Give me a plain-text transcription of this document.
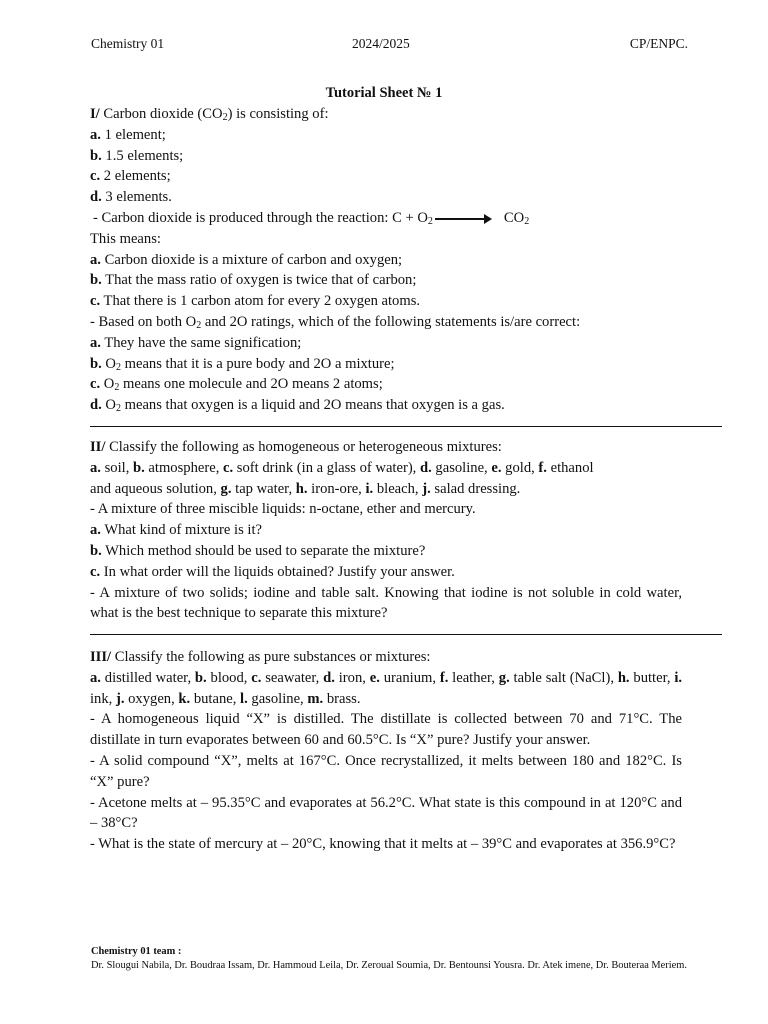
Chemistry 01	2024/2025	CP/ENPC.
Tutorial Sheet № 1
I/ Carbon dioxide $(CO_2)$ is consisting of:
a. 1 element;
b. 1.5 elements;
c. 2 elements;
d. 3 elements.
- Carbon dioxide is produced through the reaction: $C + O_2 \to CO_2$
This means:
a. Carbon dioxide is a mixture of carbon and oxygen;
b. That the mass ratio of oxygen is twice that of carbon;
c. That there is 1 carbon atom for every 2 oxygen atoms.
- Based on both $O_2$ and 2O ratings, which of the following statements is/are correct:
a. They have the same signification;
b. $O_2$ means that it is a pure body and 2O a mixture;
c. $O_2$ means one molecule and 2O means 2 atoms;
d. $O_2$ means that oxygen is a liquid and 2O means that oxygen is a gas.
II/ Classify the following as homogeneous or heterogeneous mixtures:
a. soil, b. atmosphere, c. soft drink (in a glass of water), d. gasoline, e. gold, f. ethanol
and aqueous solution, g. tap water, h. iron-ore, i. bleach, j. salad dressing.
- A mixture of three miscible liquids: n-octane, ether and mercury.
a. What kind of mixture is it?
b. Which method should be used to separate the mixture?
c. In what order will the liquids obtained? Justify your answer.
- A mixture of two solids; iodine and table salt. Knowing that iodine is not soluble in cold water, what is the best technique to separate this mixture?
III/ Classify the following as pure substances or mixtures:
a. distilled water, b. blood, c. seawater, d. iron, e. uranium, f. leather, g. table salt (NaCl), h. butter, i. ink, j. oxygen, k. butane, l. gasoline, m. brass.
- A homogeneous liquid “X” is distilled. The distillate is collected between 70 and 71°C. The distillate in turn evaporates between 60 and 60.5°C. Is “X” pure? Justify your answer.
- A solid compound “X”, melts at 167°C. Once recrystallized, it melts between 180 and 182°C. Is “X” pure?
- Acetone melts at – 95.35°C and evaporates at 56.2°C. What state is this compound in at 120°C and – 38°C?
- What is the state of mercury at – 20°C, knowing that it melts at – 39°C and evaporates at 356.9°C?
Chemistry 01 team :
Dr. Slougui Nabila, Dr. Boudraa Issam, Dr. Hammoud Leila, Dr. Zeroual Soumia, Dr. Bentounsi Yousra. Dr. Atek imene, Dr. Bouteraa Meriem.
